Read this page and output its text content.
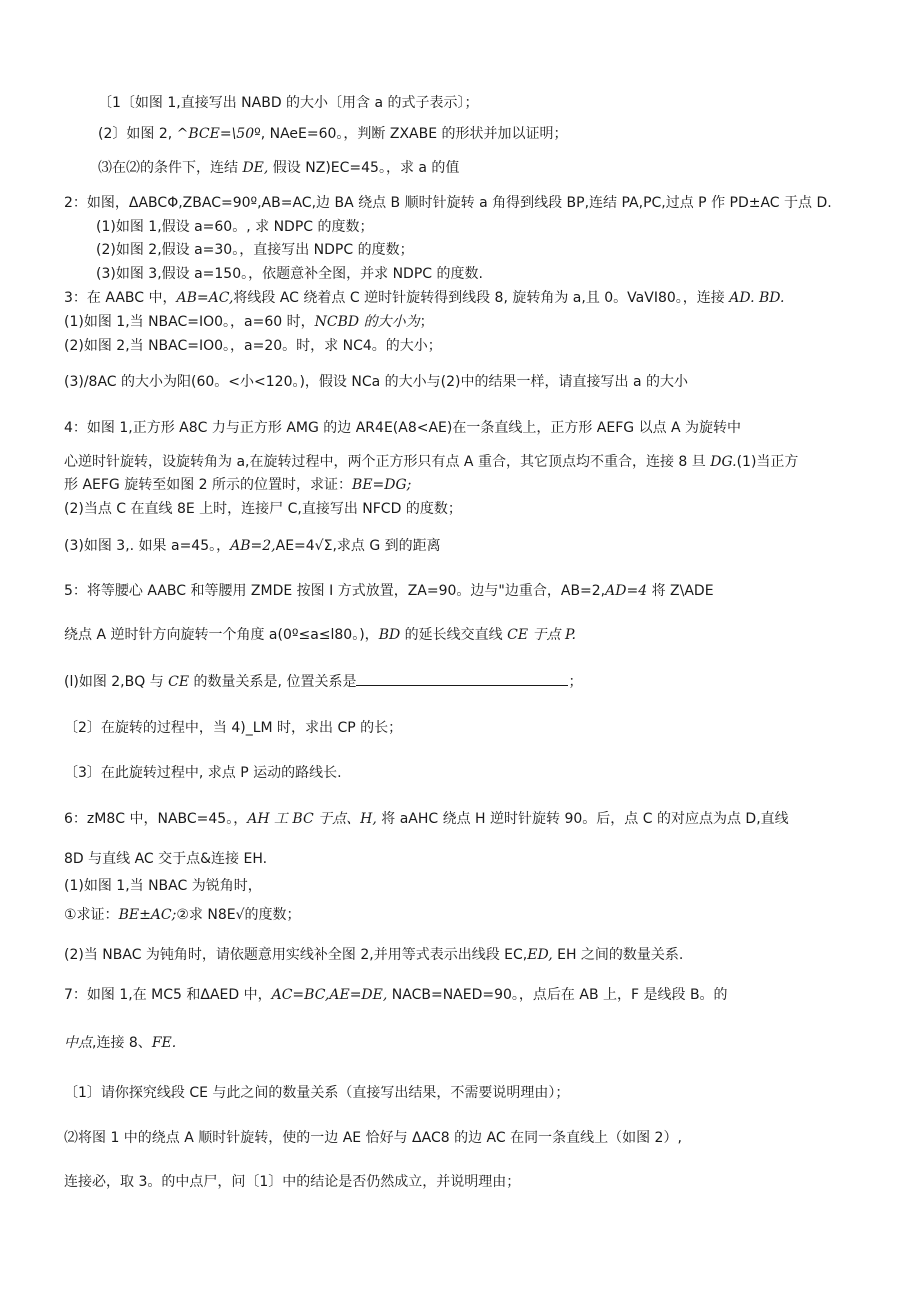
〔1〔如图 1,直接写出 NABD 的大小〔用含 a 的式子表示〕；
(2〕如图 2, ^BCE=\50º, NAeE=60。，判断 ZXABE 的形状并加以证明；
⑶在⑵的条件下，连结 DE, 假设 NZ)EC=45。，求 a 的值
2：如图，ΔABCΦ,ZBAC=90º,AB=AC,边 BA 绕点 B 顺时针旋转 a 角得到线段 BP,连结 PA,PC,过点 P 作 PD±AC 于点 D.
(1)如图 1,假设 a=60。, 求 NDPC 的度数；
(2)如图 2,假设 a=30。，直接写出 NDPC 的度数；
(3)如图 3,假设 a=150。，依题意补全图，并求 NDPC 的度数.
3：在 AABC 中，AB=AC,将线段 AC 绕着点 C 逆时针旋转得到线段 8, 旋转角为 a,且 0。VaVI80。，连接 AD. BD.
(1)如图 1,当 NBAC=IO0。，a=60 时，NCBD 的大小为；
(2)如图 2,当 NBAC=IO0。，a=20。时，求 NC4。的大小；
(3)/8AC 的大小为阳(60。<小<120。)，假设 NCa 的大小与(2)中的结果一样，请直接写出 a 的大小
4：如图 1,正方形 A8C 力与正方形 AMG 的边 AR4E(A8<AE)在一条直线上，正方形 AEFG 以点 A 为旋转中
心逆时针旋转，设旋转角为 a,在旋转过程中，两个正方形只有点 A 重合，其它顶点均不重合，连接 8 旦 DG.(1)当正方
形 AEFG 旋转至如图 2 所示的位置时，求证：BE=DG;
(2)当点 C 在直线 8E 上时，连接尸 C,直接写出 NFCD 的度数；
(3)如图 3,. 如果 a=45。，AB=2,AE=4√Σ,求点 G 到的距离
5：将等腰心 AABC 和等腰用 ZMDE 按图 I 方式放置，ZA=90。边与"边重合，AB=2,AD=4 将 Z\ADE
绕点 A 逆时针方向旋转一个角度 a(0º≤a≤l80。)，BD 的延长线交直线 CE 于点 P.
(l)如图 2,BQ 与 CE 的数量关系是, 位置关系是	；
〔2〕在旋转的过程中，当 4)_LM 时，求出 CP 的长；
〔3〕在此旋转过程中, 求点 P 运动的路线长.
6：zM8C 中，NABC=45。，AH 工 BC 于点、H, 将 aAHC 绕点 H 逆时针旋转 90。后，点 C 的对应点为点 D,直线
8D 与直线 AC 交于点&连接 EH.
(1)如图 1,当 NBAC 为锐角时，
①求证：BE±AC;②求 N8E√的度数；
(2)当 NBAC 为钝角时，请依题意用实线补全图 2,并用等式表示出线段 EC,ED, EH 之间的数量关系.
7：如图 1,在 MC5 和ΔAED 中，AC=BC,AE=DE, NACB=NAED=90。，点后在 AB 上，F 是线段 B。的
中点,连接 8、FE.
〔1〕请你探究线段 CE 与此之间的数量关系（直接写出结果，不需要说明理由）；
⑵将图 1 中的绕点 A 顺时针旋转，使的一边 AE 恰好与 ΔAC8 的边 AC 在同一条直线上（如图 2）,
连接必，取 3。的中点尸，问〔1〕中的结论是否仍然成立，并说明理由；
